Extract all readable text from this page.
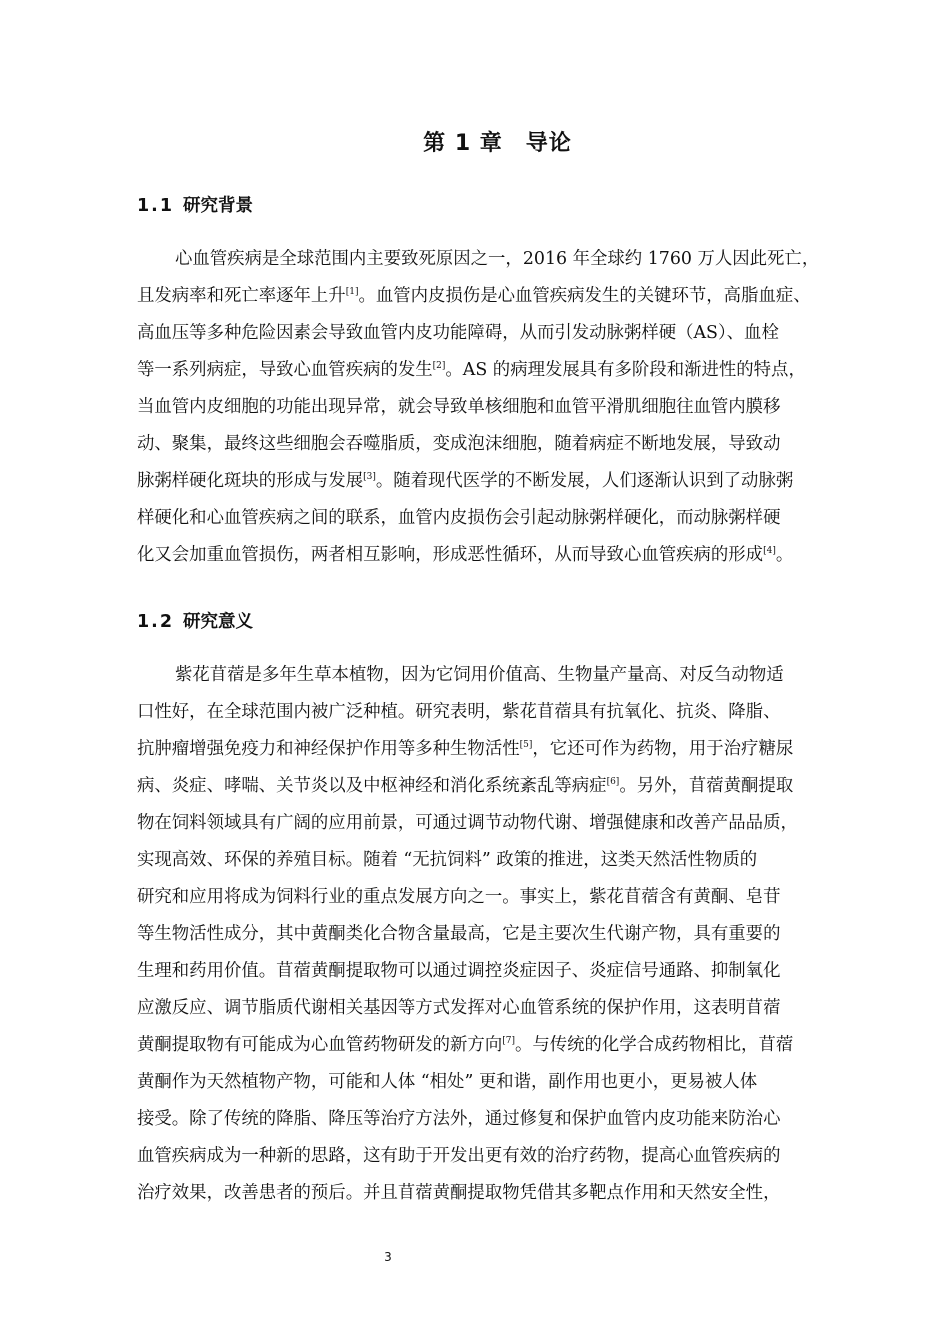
第 1 章　导论
1.1 研究背景
心血管疾病是全球范围内主要致死原因之一，2016 年全球约 1760 万人因此死亡，
且发病率和死亡率逐年上升[1]。血管内皮损伤是心血管疾病发生的关键环节，高脂血症、
高血压等多种危险因素会导致血管内皮功能障碍，从而引发动脉粥样硬（AS）、血栓
等一系列病症，导致心血管疾病的发生[2]。AS 的病理发展具有多阶段和渐进性的特点，
当血管内皮细胞的功能出现异常，就会导致单核细胞和血管平滑肌细胞往血管内膜移
动、聚集，最终这些细胞会吞噬脂质，变成泡沫细胞，随着病症不断地发展，导致动
脉粥样硬化斑块的形成与发展[3]。随着现代医学的不断发展，人们逐渐认识到了动脉粥
样硬化和心血管疾病之间的联系，血管内皮损伤会引起动脉粥样硬化，而动脉粥样硬
化又会加重血管损伤，两者相互影响，形成恶性循环，从而导致心血管疾病的形成[4]。
1.2 研究意义
紫花苜蓿是多年生草本植物，因为它饲用价值高、生物量产量高、对反刍动物适
口性好，在全球范围内被广泛种植。研究表明，紫花苜蓿具有抗氧化、抗炎、降脂、
抗肿瘤增强免疫力和神经保护作用等多种生物活性[5]，它还可作为药物，用于治疗糖尿
病、炎症、哮喘、关节炎以及中枢神经和消化系统紊乱等病症[6]。另外，苜蓿黄酮提取
物在饲料领域具有广阔的应用前景，可通过调节动物代谢、增强健康和改善产品品质，
实现高效、环保的养殖目标。随着 “无抗饲料” 政策的推进，这类天然活性物质的
研究和应用将成为饲料行业的重点发展方向之一。事实上，紫花苜蓿含有黄酮、皂苷
等生物活性成分，其中黄酮类化合物含量最高，它是主要次生代谢产物，具有重要的
生理和药用价值。苜蓿黄酮提取物可以通过调控炎症因子、炎症信号通路、抑制氧化
应激反应、调节脂质代谢相关基因等方式发挥对心血管系统的保护作用，这表明苜蓿
黄酮提取物有可能成为心血管药物研发的新方向[7]。与传统的化学合成药物相比，苜蓿
黄酮作为天然植物产物，可能和人体 “相处” 更和谐，副作用也更小，更易被人体
接受。除了传统的降脂、降压等治疗方法外，通过修复和保护血管内皮功能来防治心
血管疾病成为一种新的思路，这有助于开发出更有效的治疗药物，提高心血管疾病的
治疗效果，改善患者的预后。并且苜蓿黄酮提取物凭借其多靶点作用和天然安全性，
3
